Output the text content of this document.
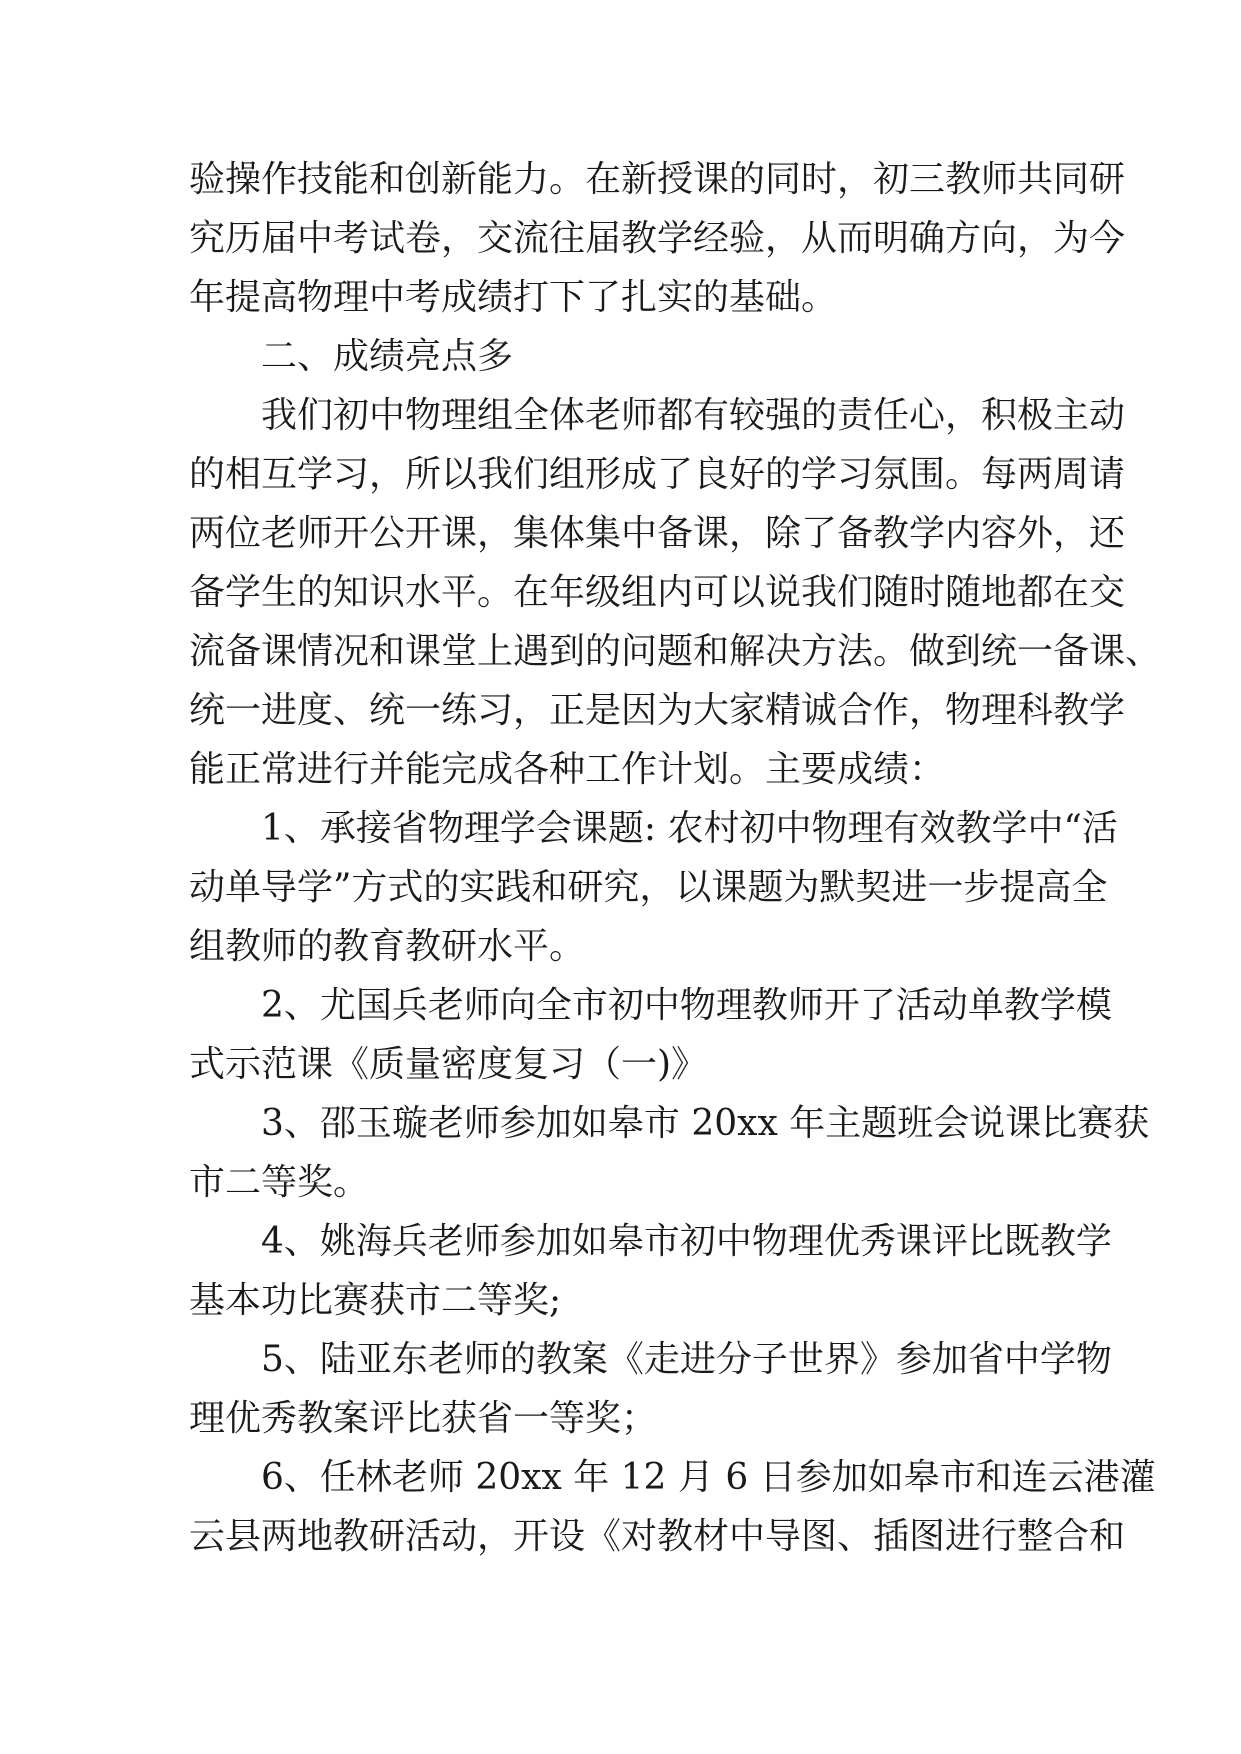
验操作技能和创新能力。在新授课的同时，初三教师共同研
究历届中考试卷，交流往届教学经验，从而明确方向，为今
年提高物理中考成绩打下了扎实的基础。
二、成绩亮点多
我们初中物理组全体老师都有较强的责任心，积极主动
的相互学习，所以我们组形成了良好的学习氛围。每两周请
两位老师开公开课，集体集中备课，除了备教学内容外，还
备学生的知识水平。在年级组内可以说我们随时随地都在交
流备课情况和课堂上遇到的问题和解决方法。做到统一备课、
统一进度、统一练习，正是因为大家精诚合作，物理科教学
能正常进行并能完成各种工作计划。主要成绩：
1、承接省物理学会课题: 农村初中物理有效教学中“活
动单导学”方式的实践和研究，以课题为默契进一步提高全
组教师的教育教研水平。
2、尤国兵老师向全市初中物理教师开了活动单教学模
式示范课《质量密度复习（一)》
3、邵玉璇老师参加如皋市 20xx 年主题班会说课比赛获
市二等奖。
4、姚海兵老师参加如皋市初中物理优秀课评比既教学
基本功比赛获市二等奖;
5、陆亚东老师的教案《走进分子世界》参加省中学物
理优秀教案评比获省一等奖；
6、任林老师 20xx 年 12 月 6 日参加如皋市和连云港灌
云县两地教研活动，开设《对教材中导图、插图进行整合和
